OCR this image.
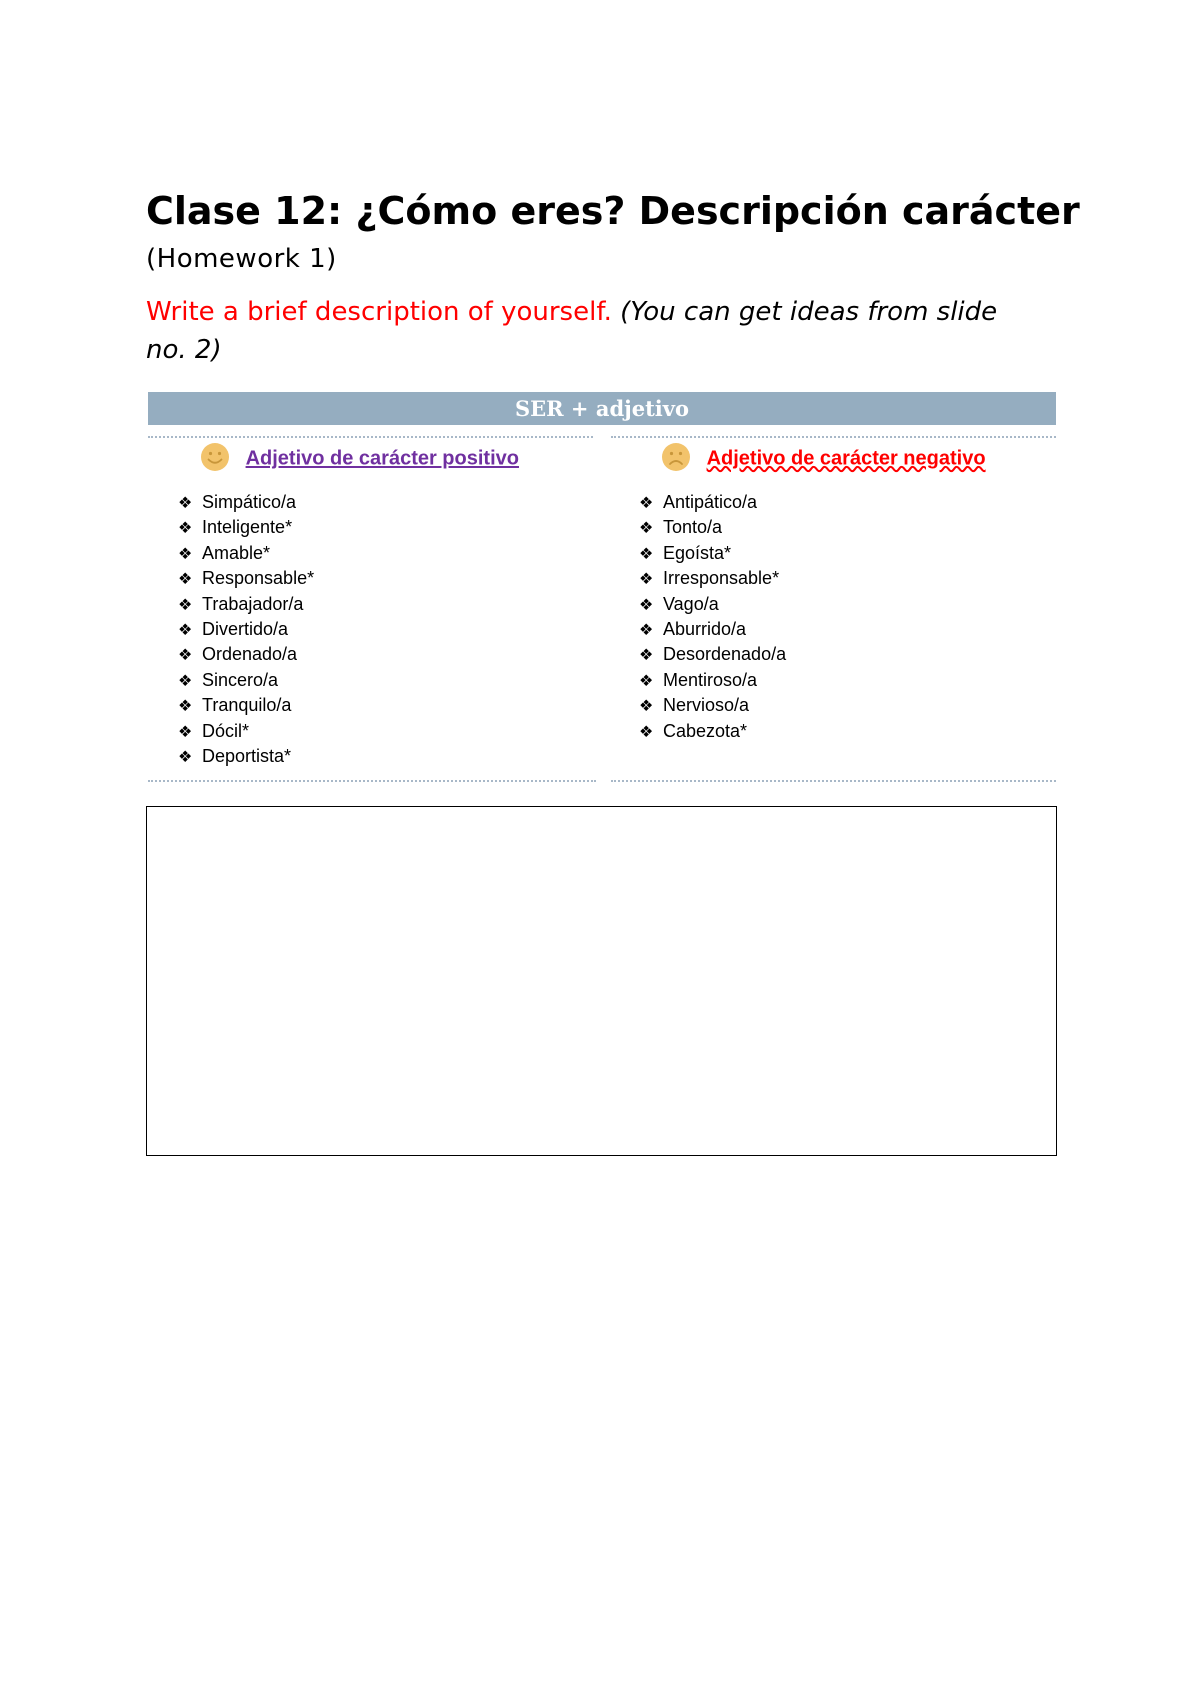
Clase 12: ¿Cómo eres? Descripción carácter
(Homework 1)
Write a brief description of yourself. (You can get ideas from slide no. 2)
SER + adjetivo
Adjetivo de carácter positivo
❖ Simpático/a
❖ Inteligente*
❖ Amable*
❖ Responsable*
❖ Trabajador/a
❖ Divertido/a
❖ Ordenado/a
❖ Sincero/a
❖ Tranquilo/a
❖ Dócil*
❖ Deportista*
Adjetivo de carácter negativo
❖ Antipático/a
❖ Tonto/a
❖ Egoísta*
❖ Irresponsable*
❖ Vago/a
❖ Aburrido/a
❖ Desordenado/a
❖ Mentiroso/a
❖ Nervioso/a
❖ Cabezota*
